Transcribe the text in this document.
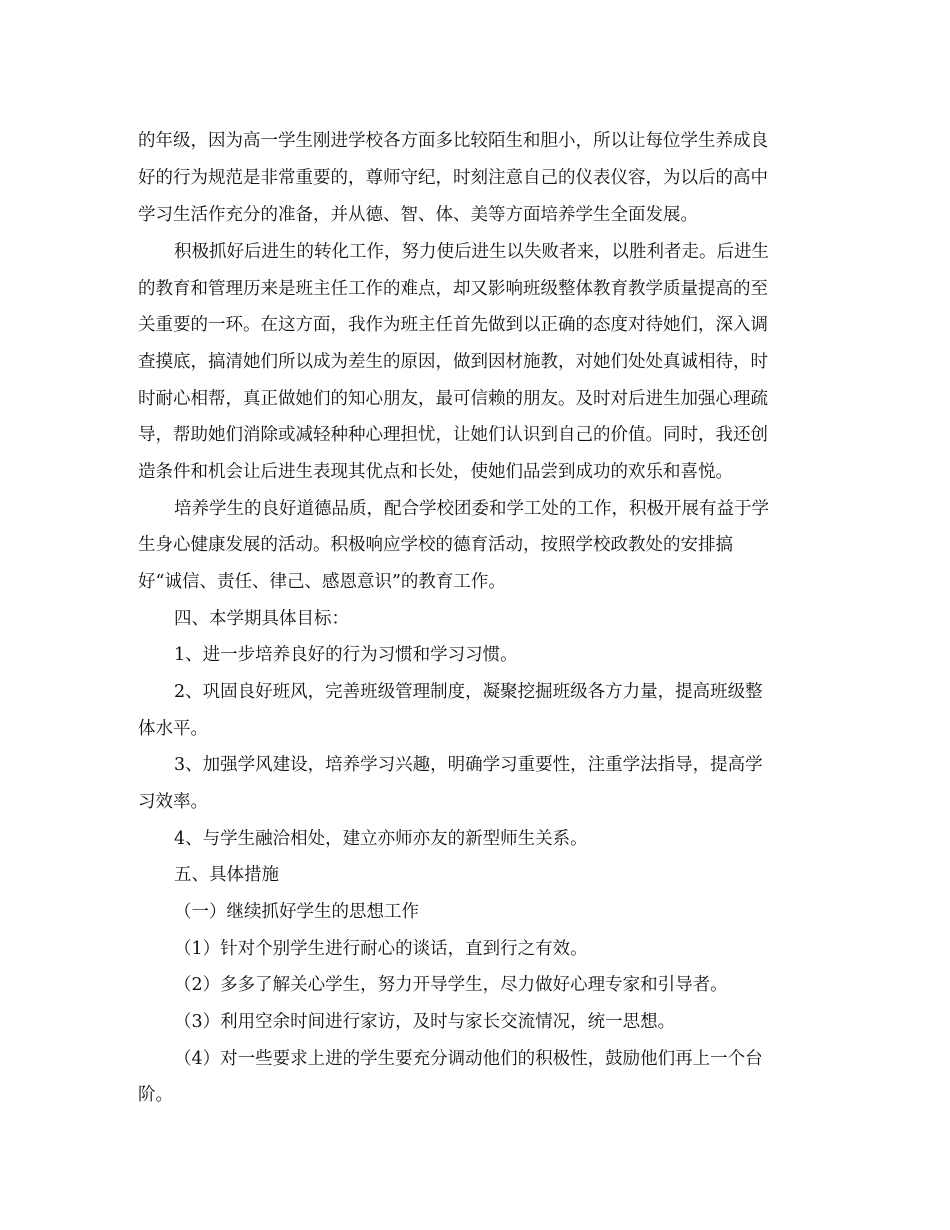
的年级，因为高一学生刚进学校各方面多比较陌生和胆小，所以让每位学生养成良

好的行为规范是非常重要的，尊师守纪，时刻注意自己的仪表仪容，为以后的高中

学习生活作充分的准备，并从德、智、体、美等方面培养学生全面发展。

积极抓好后进生的转化工作，努力使后进生以失败者来，以胜利者走。后进生

的教育和管理历来是班主任工作的难点，却又影响班级整体教育教学质量提高的至

关重要的一环。在这方面，我作为班主任首先做到以正确的态度对待她们，深入调

查摸底，搞清她们所以成为差生的原因，做到因材施教，对她们处处真诚相待，时

时耐心相帮，真正做她们的知心朋友，最可信赖的朋友。及时对后进生加强心理疏

导，帮助她们消除或减轻种种心理担忧，让她们认识到自己的价值。同时，我还创

造条件和机会让后进生表现其优点和长处，使她们品尝到成功的欢乐和喜悦。

培养学生的良好道德品质，配合学校团委和学工处的工作，积极开展有益于学

生身心健康发展的活动。积极响应学校的德育活动，按照学校政教处的安排搞

好“诚信、责任、律己、感恩意识”的教育工作。

四、本学期具体目标：

1、进一步培养良好的行为习惯和学习习惯。

2、巩固良好班风，完善班级管理制度，凝聚挖掘班级各方力量，提高班级整

体水平。

3、加强学风建设，培养学习兴趣，明确学习重要性，注重学法指导，提高学

习效率。

4、与学生融洽相处，建立亦师亦友的新型师生关系。

五、具体措施

（一）继续抓好学生的思想工作

（1）针对个别学生进行耐心的谈话，直到行之有效。

（2）多多了解关心学生，努力开导学生，尽力做好心理专家和引导者。

（3）利用空余时间进行家访，及时与家长交流情况，统一思想。

（4）对一些要求上进的学生要充分调动他们的积极性，鼓励他们再上一个台

阶。
